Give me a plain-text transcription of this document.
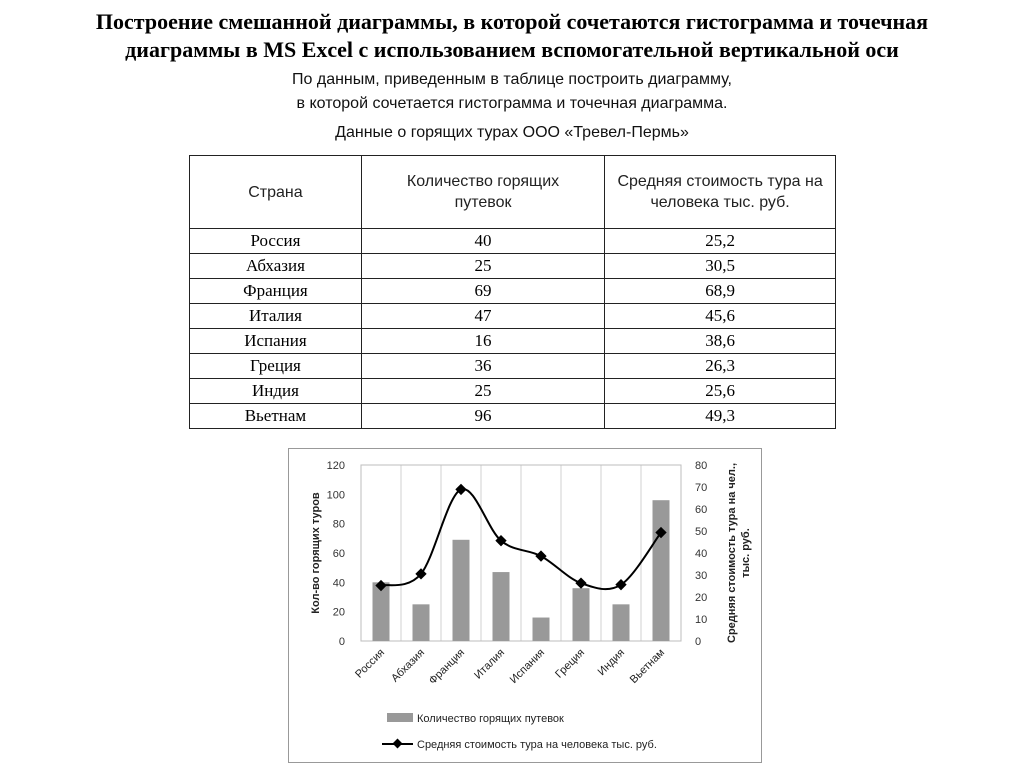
Построение смешанной диаграммы, в которой сочетаются гистограмма и точечная
диаграммы в MS Excel с использованием вспомогательной вертикальной оси
По данным, приведенным в таблице построить диаграмму,
в которой сочетается гистограмма и точечная диаграмма.
Данные о горящих турах ООО «Тревел-Пермь»
Страна	Количество горящих путевок	Средняя стоимость тура на человека тыс. руб.

Россия	40	25,2
Абхазия	25	30,5
Франция	69	68,9
Италия	47	45,6
Испания	16	38,6
Греция	36	26,3
Индия	25	25,6
Вьетнам	96	49,3
0
20
40
60
80
100
120
0
10
20
30
40
50
60
70
80
Россия Абхазия Франция Италия Испания Греция Индия Вьетнам
Кол-во горящих туров	Средняя стоимость тура на чел., тыс. руб.
Количество горящих путевок
Средняя стоимость тура на человека тыс. руб.
